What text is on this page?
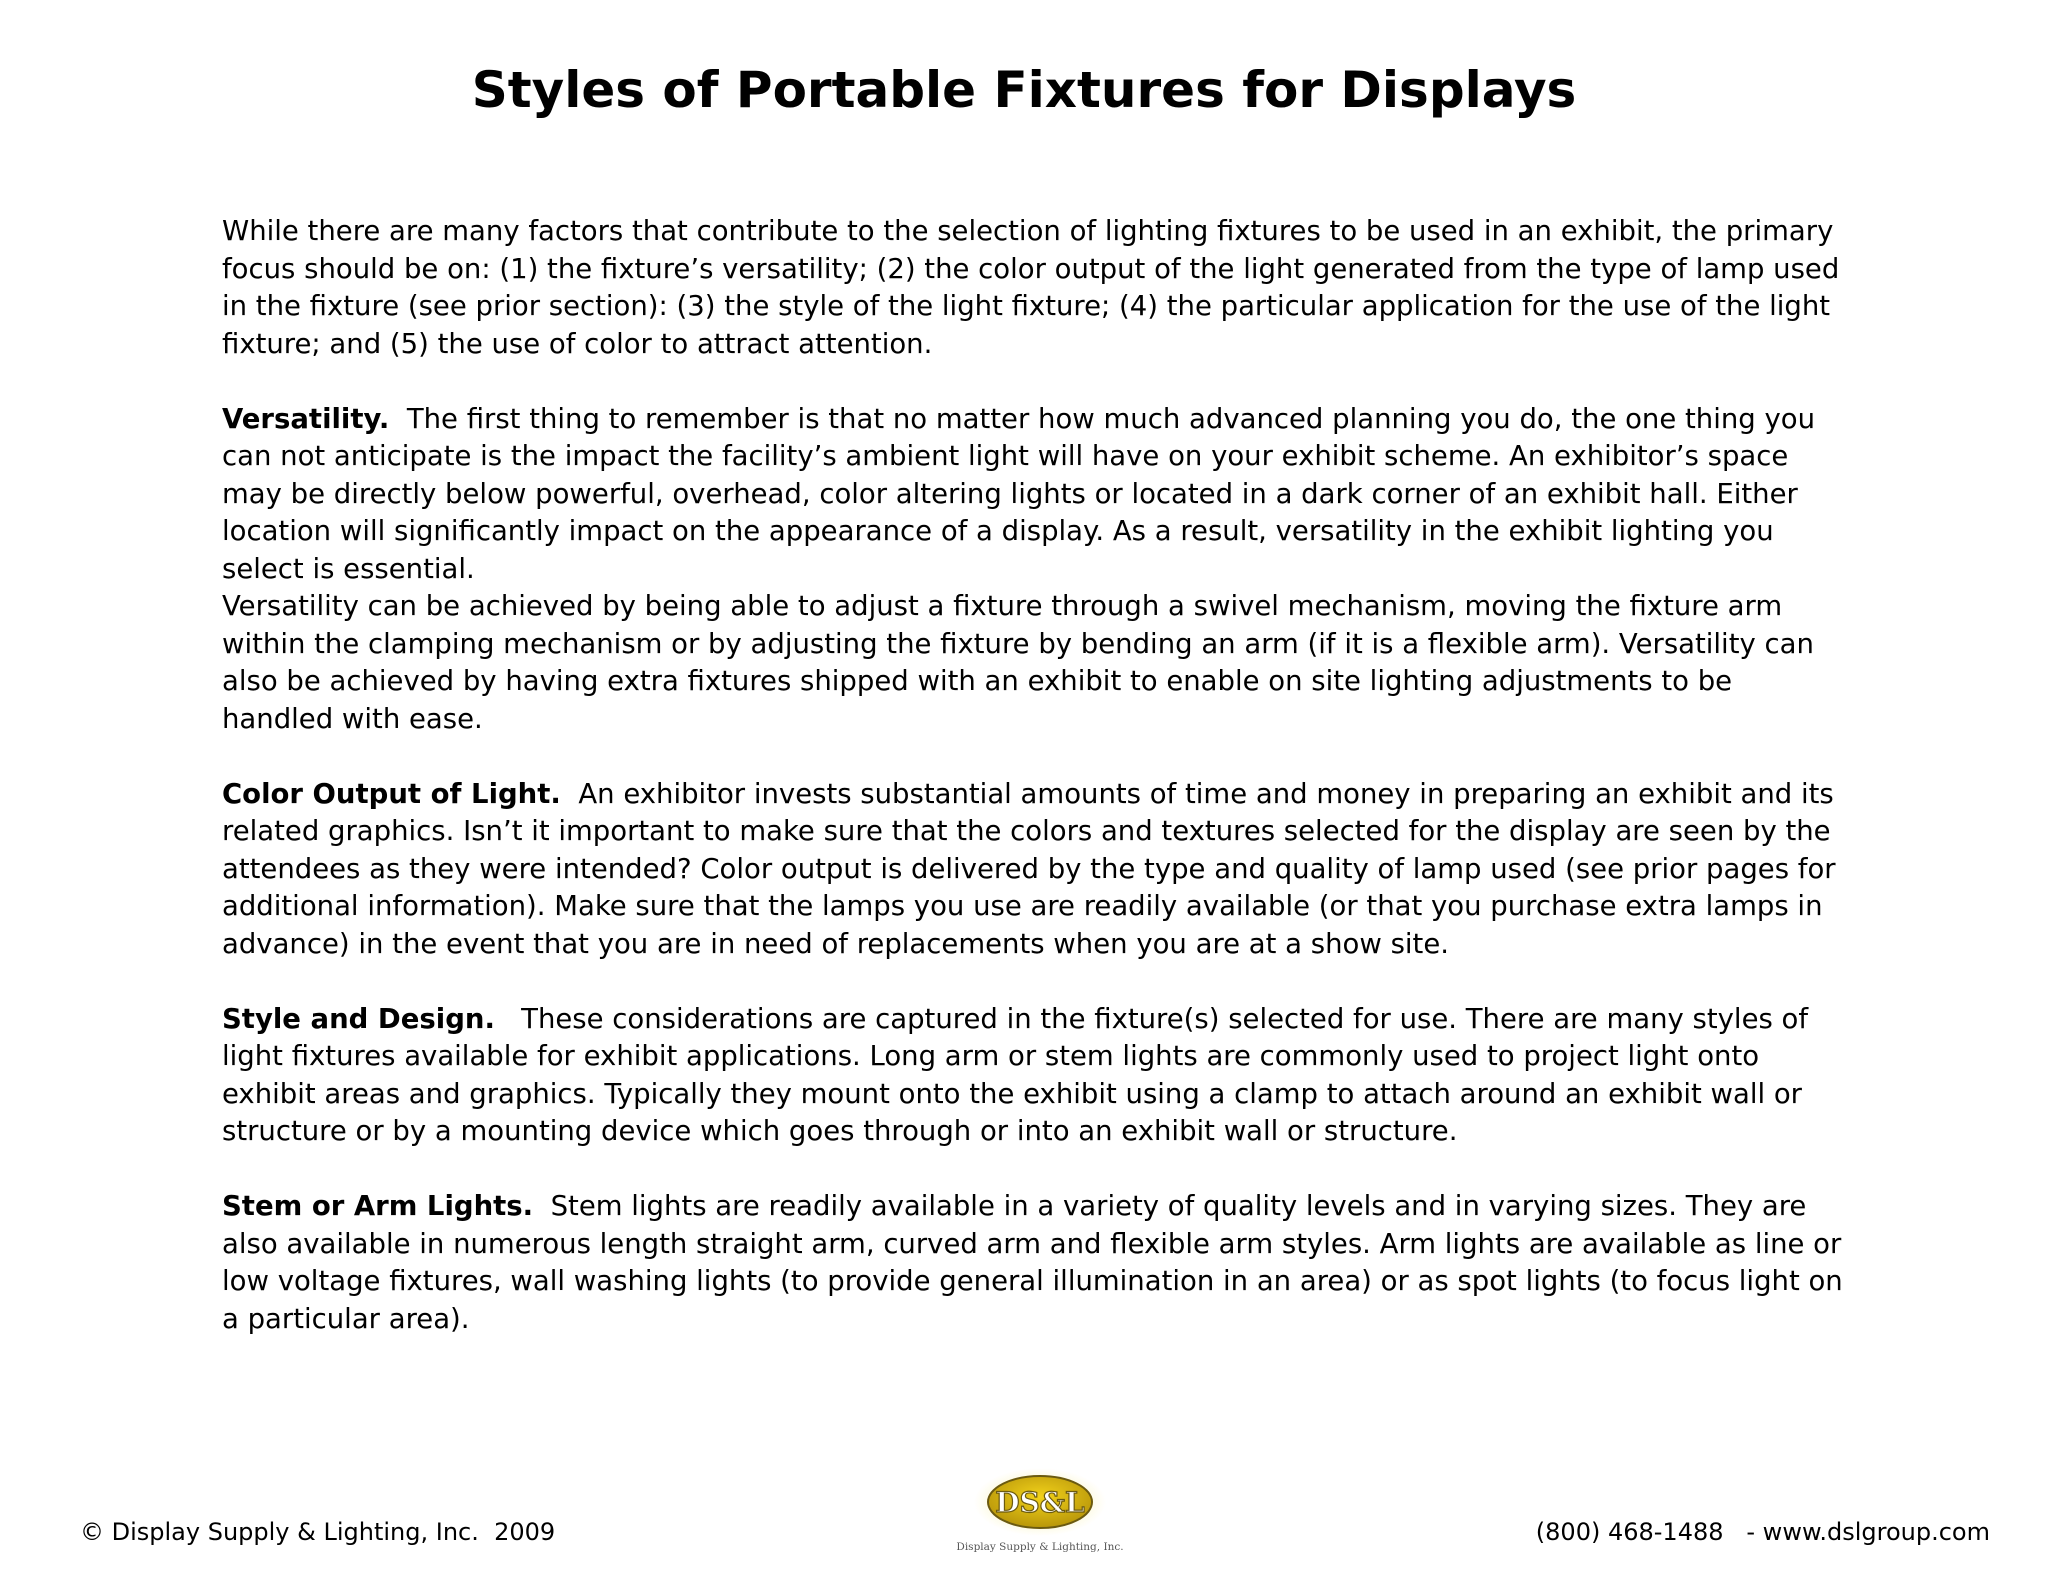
Styles of Portable Fixtures for Displays

While there are many factors that contribute to the selection of lighting fixtures to be used in an exhibit, the primary focus should be on: (1) the fixture’s versatility; (2) the color output of the light generated from the type of lamp used in the fixture (see prior section): (3) the style of the light fixture; (4) the particular application for the use of the light fixture; and (5) the use of color to attract attention.

Versatility. The first thing to remember is that no matter how much advanced planning you do, the one thing you can not anticipate is the impact the facility’s ambient light will have on your exhibit scheme. An exhibitor’s space may be directly below powerful, overhead, color altering lights or located in a dark corner of an exhibit hall. Either location will significantly impact on the appearance of a display. As a result, versatility in the exhibit lighting you select is essential.

Versatility can be achieved by being able to adjust a fixture through a swivel mechanism, moving the fixture arm within the clamping mechanism or by adjusting the fixture by bending an arm (if it is a flexible arm). Versatility can also be achieved by having extra fixtures shipped with an exhibit to enable on site lighting adjustments to be handled with ease.

Color Output of Light. An exhibitor invests substantial amounts of time and money in preparing an exhibit and its related graphics. Isn’t it important to make sure that the colors and textures selected for the display are seen by the attendees as they were intended? Color output is delivered by the type and quality of lamp used (see prior pages for additional information). Make sure that the lamps you use are readily available (or that you purchase extra lamps in advance) in the event that you are in need of replacements when you are at a show site.

Style and Design. These considerations are captured in the fixture(s) selected for use. There are many styles of light fixtures available for exhibit applications. Long arm or stem lights are commonly used to project light onto exhibit areas and graphics. Typically they mount onto the exhibit using a clamp to attach around an exhibit wall or structure or by a mounting device which goes through or into an exhibit wall or structure.

Stem or Arm Lights. Stem lights are readily available in a variety of quality levels and in varying sizes. They are also available in numerous length straight arm, curved arm and flexible arm styles. Arm lights are available as line or low voltage fixtures, wall washing lights (to provide general illumination in an area) or as spot lights (to focus light on a particular area).

© Display Supply & Lighting, Inc.  2009
DS&L
Display Supply & Lighting, Inc.
(800) 468-1488   - www.dslgroup.com
